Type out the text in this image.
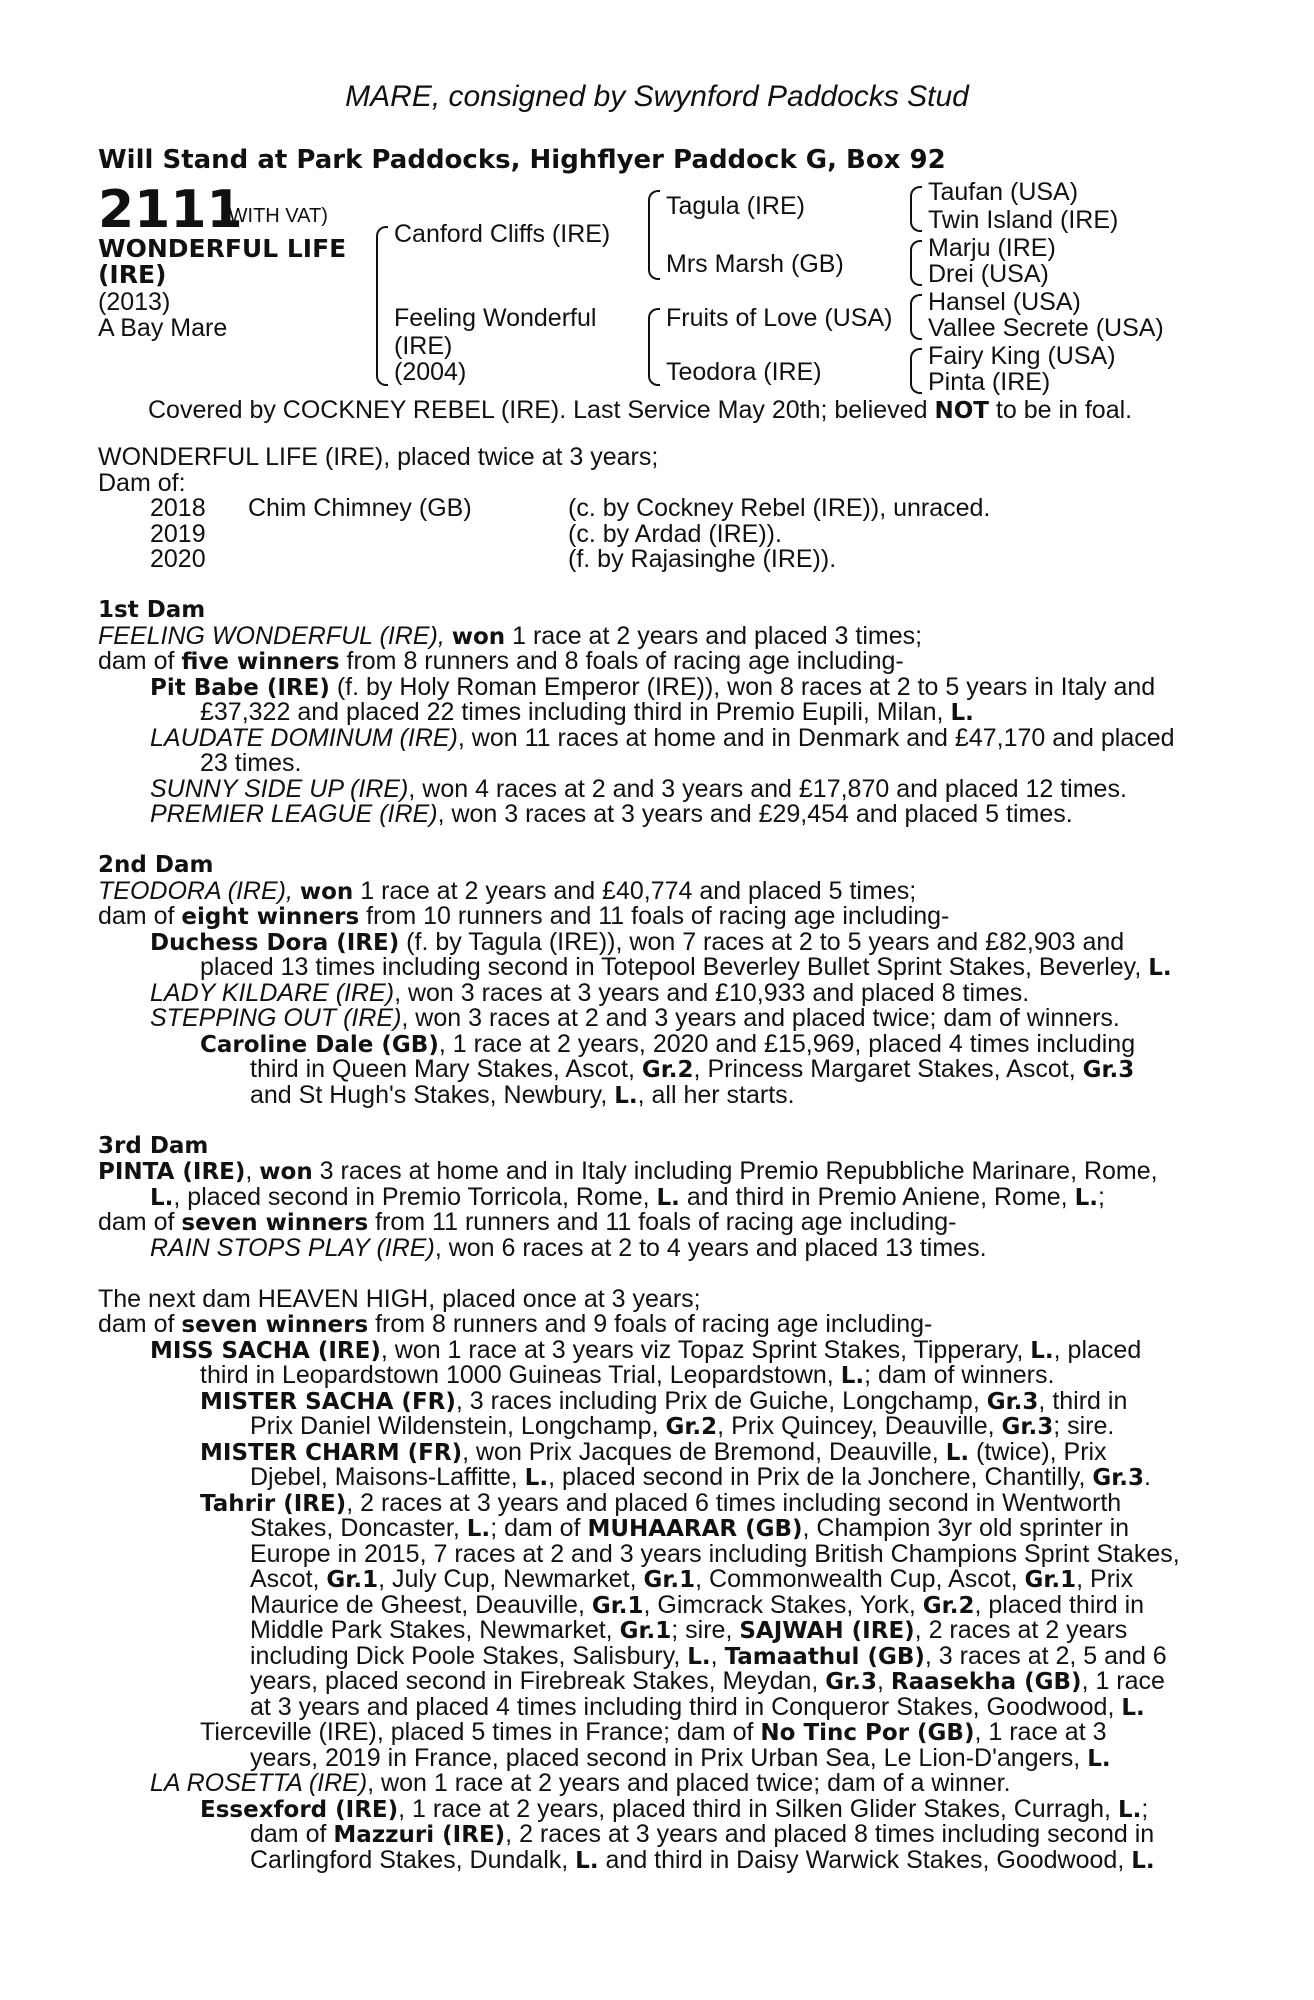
MARE, consigned by Swynford Paddocks Stud
Will Stand at Park Paddocks, Highflyer Paddock G, Box 92
2111
(WITH VAT)
WONDERFUL LIFE
(IRE)
(2013)
A Bay Mare
Canford Cliffs (IRE)
Feeling Wonderful
(IRE)
(2004)
Tagula (IRE)
Mrs Marsh (GB)
Fruits of Love (USA)
Teodora (IRE)
Taufan (USA)
Twin Island (IRE)
Marju (IRE)
Drei (USA)
Hansel (USA)
Vallee Secrete (USA)
Fairy King (USA)
Pinta (IRE)
Covered by COCKNEY REBEL (IRE). Last Service May 20th; believed NOT to be in foal.
WONDERFUL LIFE (IRE), placed twice at 3 years;
Dam of:
2018	Chim Chimney (GB)	(c. by Cockney Rebel (IRE)), unraced.
2019	(c. by Ardad (IRE)).
2020	(f. by Rajasinghe (IRE)).
1st Dam
FEELING WONDERFUL (IRE), won 1 race at 2 years and placed 3 times;
dam of five winners from 8 runners and 8 foals of racing age including-
Pit Babe (IRE) (f. by Holy Roman Emperor (IRE)), won 8 races at 2 to 5 years in Italy and
£37,322 and placed 22 times including third in Premio Eupili, Milan, L.
LAUDATE DOMINUM (IRE), won 11 races at home and in Denmark and £47,170 and placed
23 times.
SUNNY SIDE UP (IRE), won 4 races at 2 and 3 years and £17,870 and placed 12 times.
PREMIER LEAGUE (IRE), won 3 races at 3 years and £29,454 and placed 5 times.
2nd Dam
TEODORA (IRE), won 1 race at 2 years and £40,774 and placed 5 times;
dam of eight winners from 10 runners and 11 foals of racing age including-
Duchess Dora (IRE) (f. by Tagula (IRE)), won 7 races at 2 to 5 years and £82,903 and
placed 13 times including second in Totepool Beverley Bullet Sprint Stakes, Beverley, L.
LADY KILDARE (IRE), won 3 races at 3 years and £10,933 and placed 8 times.
STEPPING OUT (IRE), won 3 races at 2 and 3 years and placed twice; dam of winners.
Caroline Dale (GB), 1 race at 2 years, 2020 and £15,969, placed 4 times including
third in Queen Mary Stakes, Ascot, Gr.2, Princess Margaret Stakes, Ascot, Gr.3
and St Hugh's Stakes, Newbury, L., all her starts.
3rd Dam
PINTA (IRE), won 3 races at home and in Italy including Premio Repubbliche Marinare, Rome,
L., placed second in Premio Torricola, Rome, L. and third in Premio Aniene, Rome, L.;
dam of seven winners from 11 runners and 11 foals of racing age including-
RAIN STOPS PLAY (IRE), won 6 races at 2 to 4 years and placed 13 times.
The next dam HEAVEN HIGH, placed once at 3 years;
dam of seven winners from 8 runners and 9 foals of racing age including-
MISS SACHA (IRE), won 1 race at 3 years viz Topaz Sprint Stakes, Tipperary, L., placed
third in Leopardstown 1000 Guineas Trial, Leopardstown, L.; dam of winners.
MISTER SACHA (FR), 3 races including Prix de Guiche, Longchamp, Gr.3, third in
Prix Daniel Wildenstein, Longchamp, Gr.2, Prix Quincey, Deauville, Gr.3; sire.
MISTER CHARM (FR), won Prix Jacques de Bremond, Deauville, L. (twice), Prix
Djebel, Maisons-Laffitte, L., placed second in Prix de la Jonchere, Chantilly, Gr.3.
Tahrir (IRE), 2 races at 3 years and placed 6 times including second in Wentworth
Stakes, Doncaster, L.; dam of MUHAARAR (GB), Champion 3yr old sprinter in
Europe in 2015, 7 races at 2 and 3 years including British Champions Sprint Stakes,
Ascot, Gr.1, July Cup, Newmarket, Gr.1, Commonwealth Cup, Ascot, Gr.1, Prix
Maurice de Gheest, Deauville, Gr.1, Gimcrack Stakes, York, Gr.2, placed third in
Middle Park Stakes, Newmarket, Gr.1; sire, SAJWAH (IRE), 2 races at 2 years
including Dick Poole Stakes, Salisbury, L., Tamaathul (GB), 3 races at 2, 5 and 6
years, placed second in Firebreak Stakes, Meydan, Gr.3, Raasekha (GB), 1 race
at 3 years and placed 4 times including third in Conqueror Stakes, Goodwood, L.
Tierceville (IRE), placed 5 times in France; dam of No Tinc Por (GB), 1 race at 3
years, 2019 in France, placed second in Prix Urban Sea, Le Lion-D'angers, L.
LA ROSETTA (IRE), won 1 race at 2 years and placed twice; dam of a winner.
Essexford (IRE), 1 race at 2 years, placed third in Silken Glider Stakes, Curragh, L.;
dam of Mazzuri (IRE), 2 races at 3 years and placed 8 times including second in
Carlingford Stakes, Dundalk, L. and third in Daisy Warwick Stakes, Goodwood, L.
